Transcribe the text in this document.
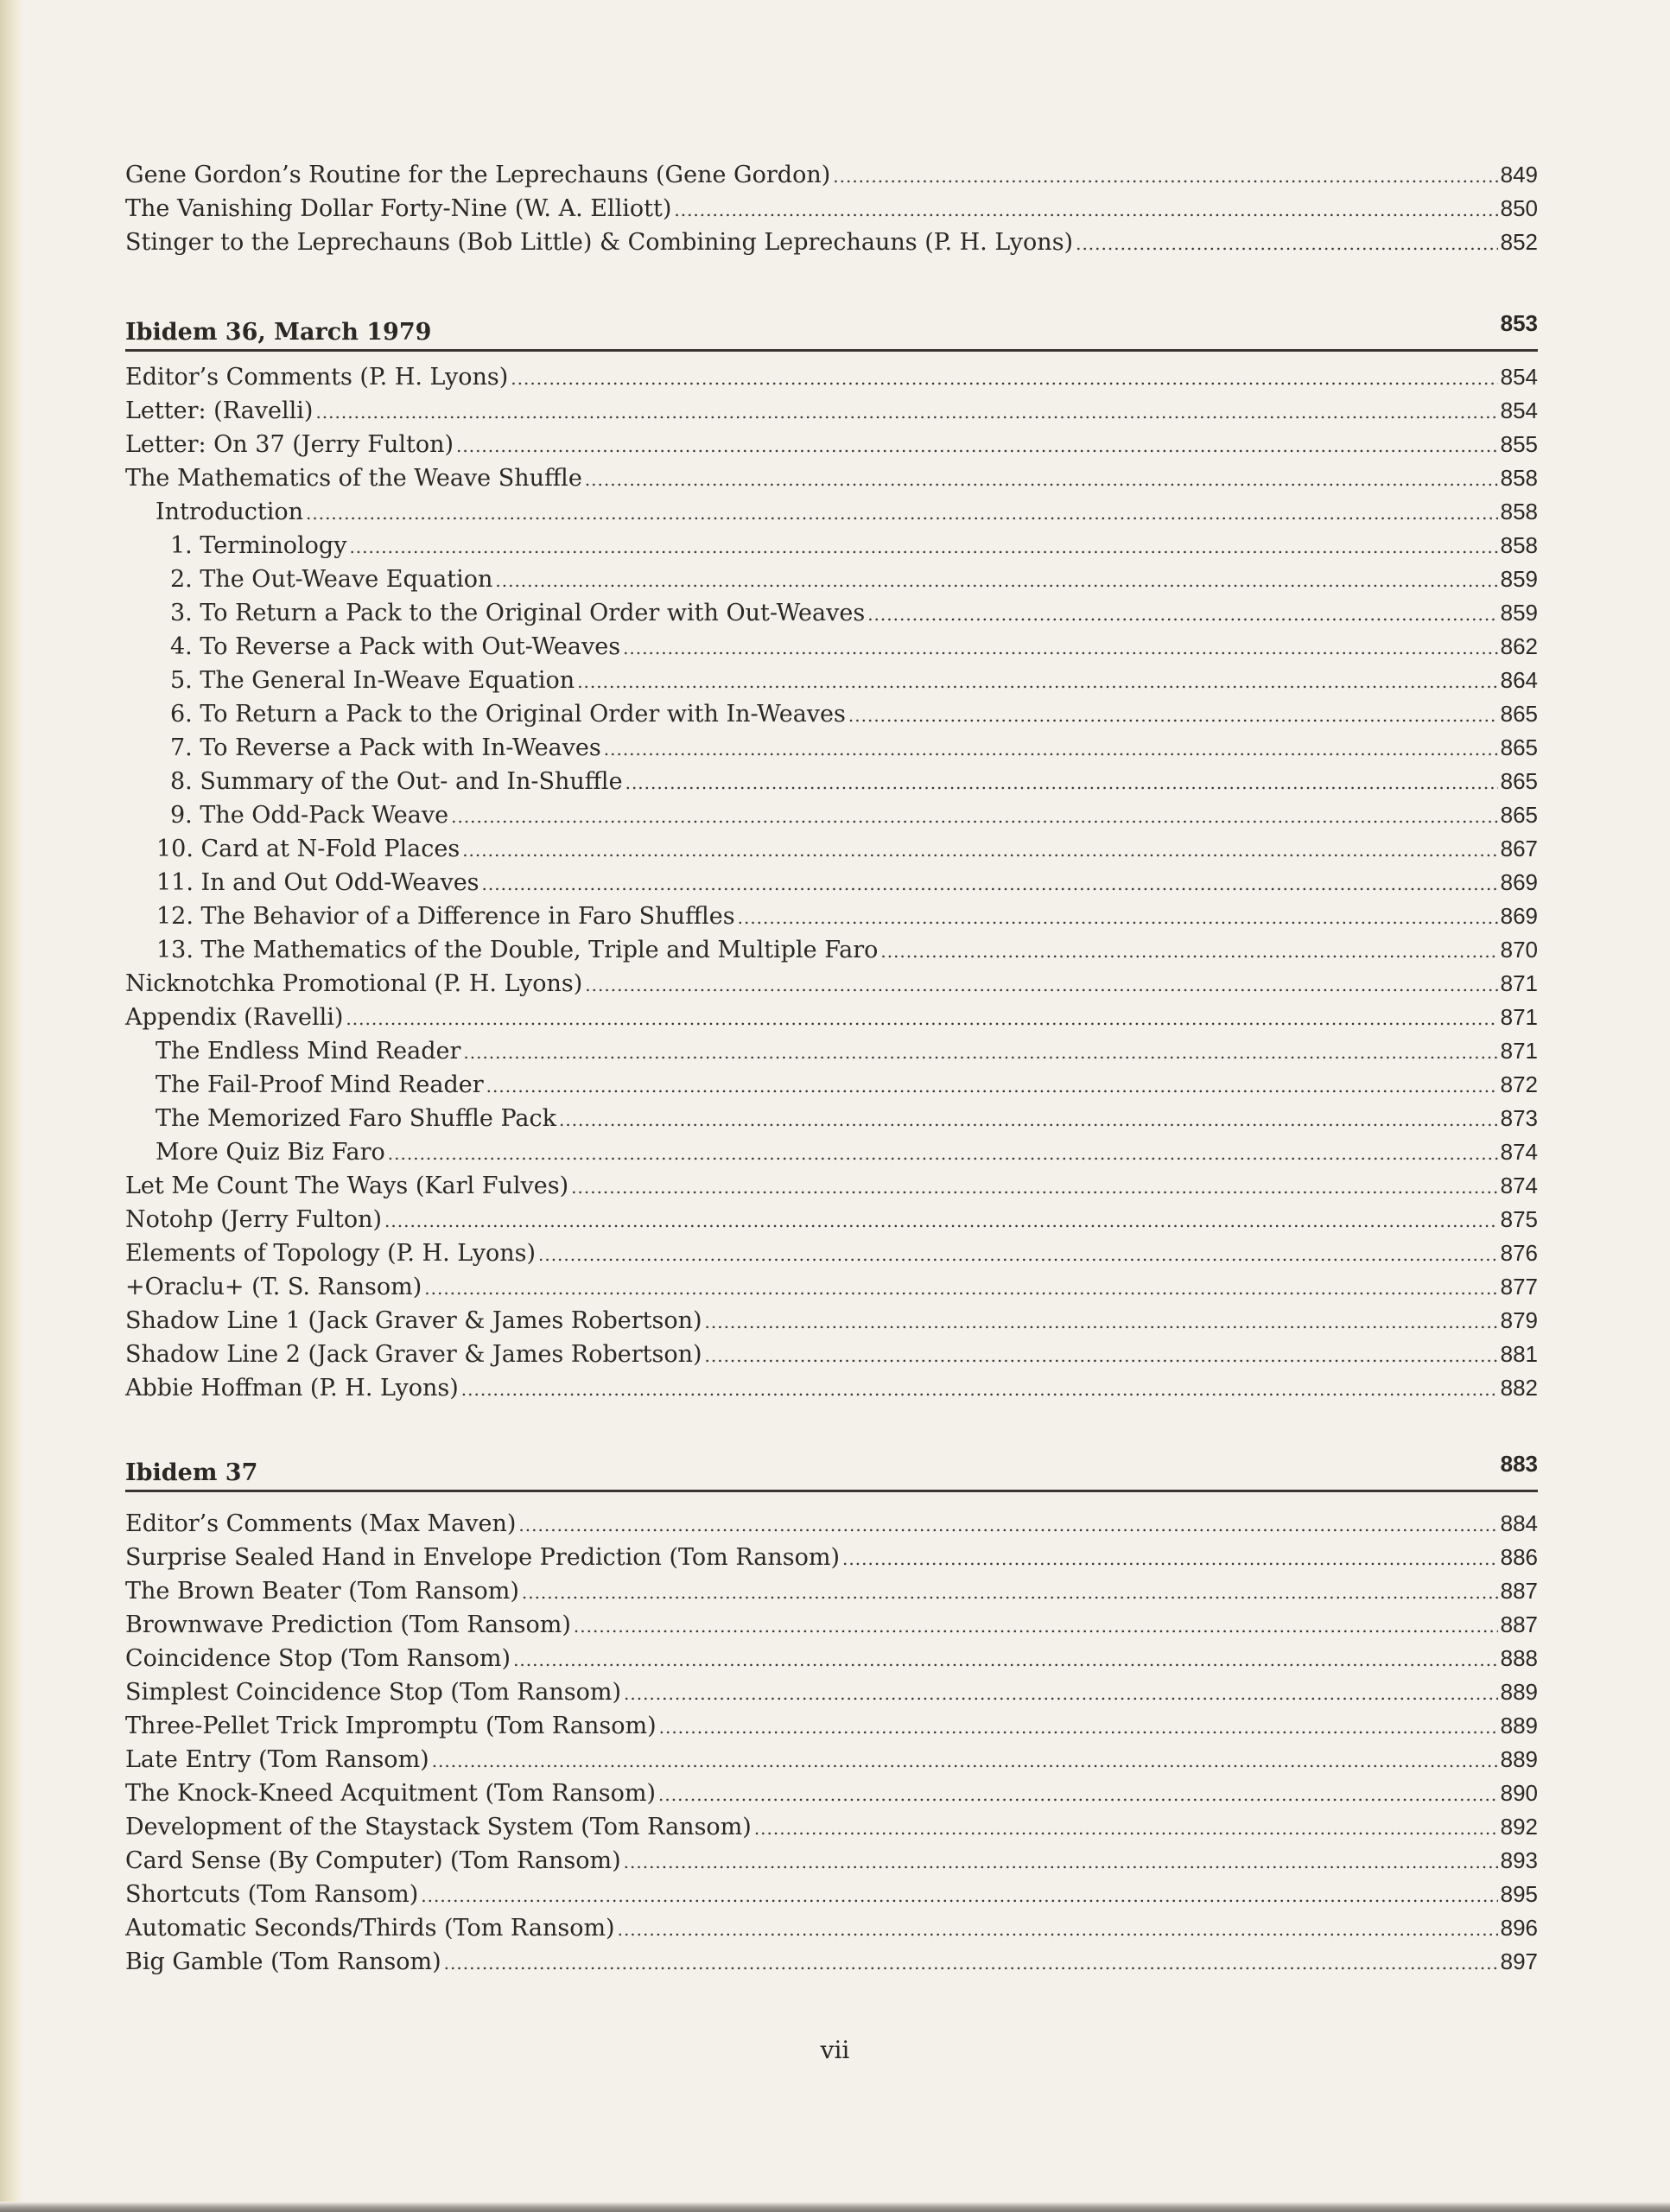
Gene Gordon’s Routine for the Leprechauns (Gene Gordon) .....	849
The Vanishing Dollar Forty-Nine (W. A. Elliott) .....	850
Stinger to the Leprechauns (Bob Little) & Combining Leprechauns (P. H. Lyons) .....	852
Ibidem 36, March 1979	853
Editor’s Comments (P. H. Lyons) .....	854
Letter: (Ravelli) .....	854
Letter: On 37 (Jerry Fulton) .....	855
The Mathematics of the Weave Shuffle .....	858
Introduction .....	858
1. Terminology .....	858
2. The Out-Weave Equation .....	859
3. To Return a Pack to the Original Order with Out-Weaves .....	859
4. To Reverse a Pack with Out-Weaves .....	862
5. The General In-Weave Equation .....	864
6. To Return a Pack to the Original Order with In-Weaves .....	865
7. To Reverse a Pack with In-Weaves .....	865
8. Summary of the Out- and In-Shuffle .....	865
9. The Odd-Pack Weave .....	865
10. Card at N-Fold Places .....	867
11. In and Out Odd-Weaves .....	869
12. The Behavior of a Difference in Faro Shuffles .....	869
13. The Mathematics of the Double, Triple and Multiple Faro .....	870
Nicknotchka Promotional (P. H. Lyons) .....	871
Appendix (Ravelli) .....	871
The Endless Mind Reader .....	871
The Fail-Proof Mind Reader .....	872
The Memorized Faro Shuffle Pack .....	873
More Quiz Biz Faro .....	874
Let Me Count The Ways (Karl Fulves) .....	874
Notohp (Jerry Fulton) .....	875
Elements of Topology (P. H. Lyons) .....	876
+Oraclu+ (T. S. Ransom) .....	877
Shadow Line 1 (Jack Graver & James Robertson) .....	879
Shadow Line 2 (Jack Graver & James Robertson) .....	881
Abbie Hoffman (P. H. Lyons) .....	882
Ibidem 37	883
Editor’s Comments (Max Maven) .....	884
Surprise Sealed Hand in Envelope Prediction (Tom Ransom) .....	886
The Brown Beater (Tom Ransom) .....	887
Brownwave Prediction (Tom Ransom) .....	887
Coincidence Stop (Tom Ransom) .....	888
Simplest Coincidence Stop (Tom Ransom) .....	889
Three-Pellet Trick Impromptu (Tom Ransom) .....	889
Late Entry (Tom Ransom) .....	889
The Knock-Kneed Acquitment (Tom Ransom) .....	890
Development of the Staystack System (Tom Ransom) .....	892
Card Sense (By Computer) (Tom Ransom) .....	893
Shortcuts (Tom Ransom) .....	895
Automatic Seconds/Thirds (Tom Ransom) .....	896
Big Gamble (Tom Ransom) .....	897
vii
